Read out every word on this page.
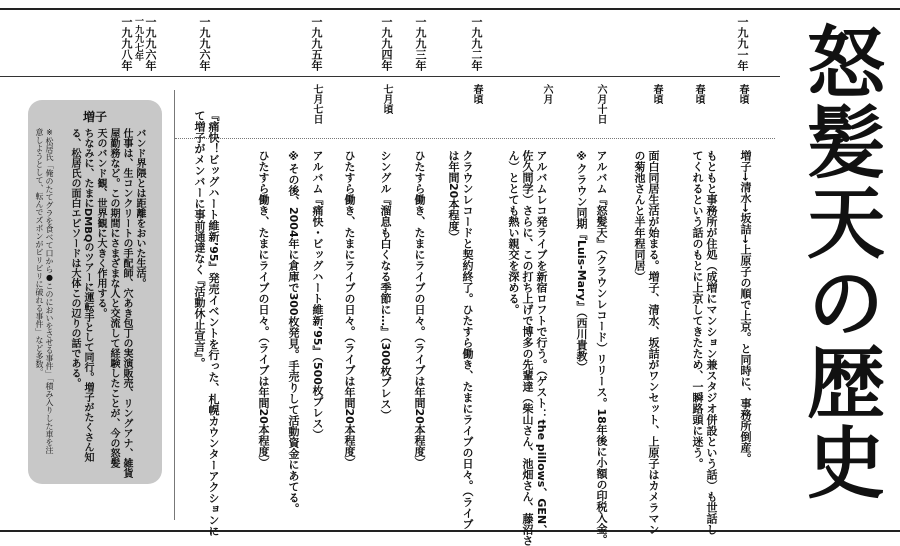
怒髪天の歴史
一九九一年
春頃
春頃
春頃
六月十日
六月
一九九二年
春頃
一九九三年
一九九四年
七月頃
一九九五年
七月七日
一九九六年
一九九六年
一九九七年
一九九八年
増子→清水→坂詰→上原子の順で上京。と同時に、事務所倒産。
もともと事務所が住処（成増にマンション兼スタジオ併設という話）も世話し
てくれるという話のもとに上京してきたため、一瞬路頭に迷う。
面白同居生活が始まる。増子、清水、坂詰がワンセット、上原子はカメラマン
の菊池さんと半年程同居）
アルバム『怒髪天』（クラウンレコード）リリース。18年後に小額の印税入金。
※クラウン同期『Luis-Mary』（西川貴教）
アルバムレコ発ライブを新宿ロフトで行う。（ゲスト：the pillows、GEN、
佐久間学）さらに、この打ち上げで博多の先輩達（柴山さん、池畑さん、藤沼さ
ん）ととても熱い親交を深める。
クラウンレコードと契約終了。ひたすら働き、たまにライブの日々。（ライブ
は年間20本程度）
ひたすら働き、たまにライブの日々。（ライブは年間20本程度）
シングル『溜息も白くなる季節に…』（300枚プレス）
ひたすら働き、たまにライブの日々。（ライブは年間20本程度）
アルバム『痛快・ビッグハート維新’95』（500枚プレス）
※その後、2004年に倉庫で300枚発見。手売りして活動資金にあてる。
ひたすら働き、たまにライブの日々。（ライブは年間20本程度）
『痛快！ビッグハート維新’95』発売イベントを行った、札幌カウンターアクションに
て増子がメンバーに事前通達なく『活動休止宣言』。
増子
バンド界隈とは距離をおいた生活。
仕事は、生コンクリートの手配師、穴あき包丁の実演販売、リングアナ、雑貨
屋勤務など。この期間にさまざまな人と交流して経験したことが、今の怒髪
天のバンド観、世界観に大きく作用する。
ちなみに、たまにDMBQのツアーに運転手として同行。増子がたくさん知
る、松居氏の面白エピソードは大体この辺りの話である。
※松居氏「俺のたてグラを食べて口から●このにおいをさせる事件」「積み入りした車を注
意しようとして、転んでズボンがビリビリに破れる事件」など多数。
